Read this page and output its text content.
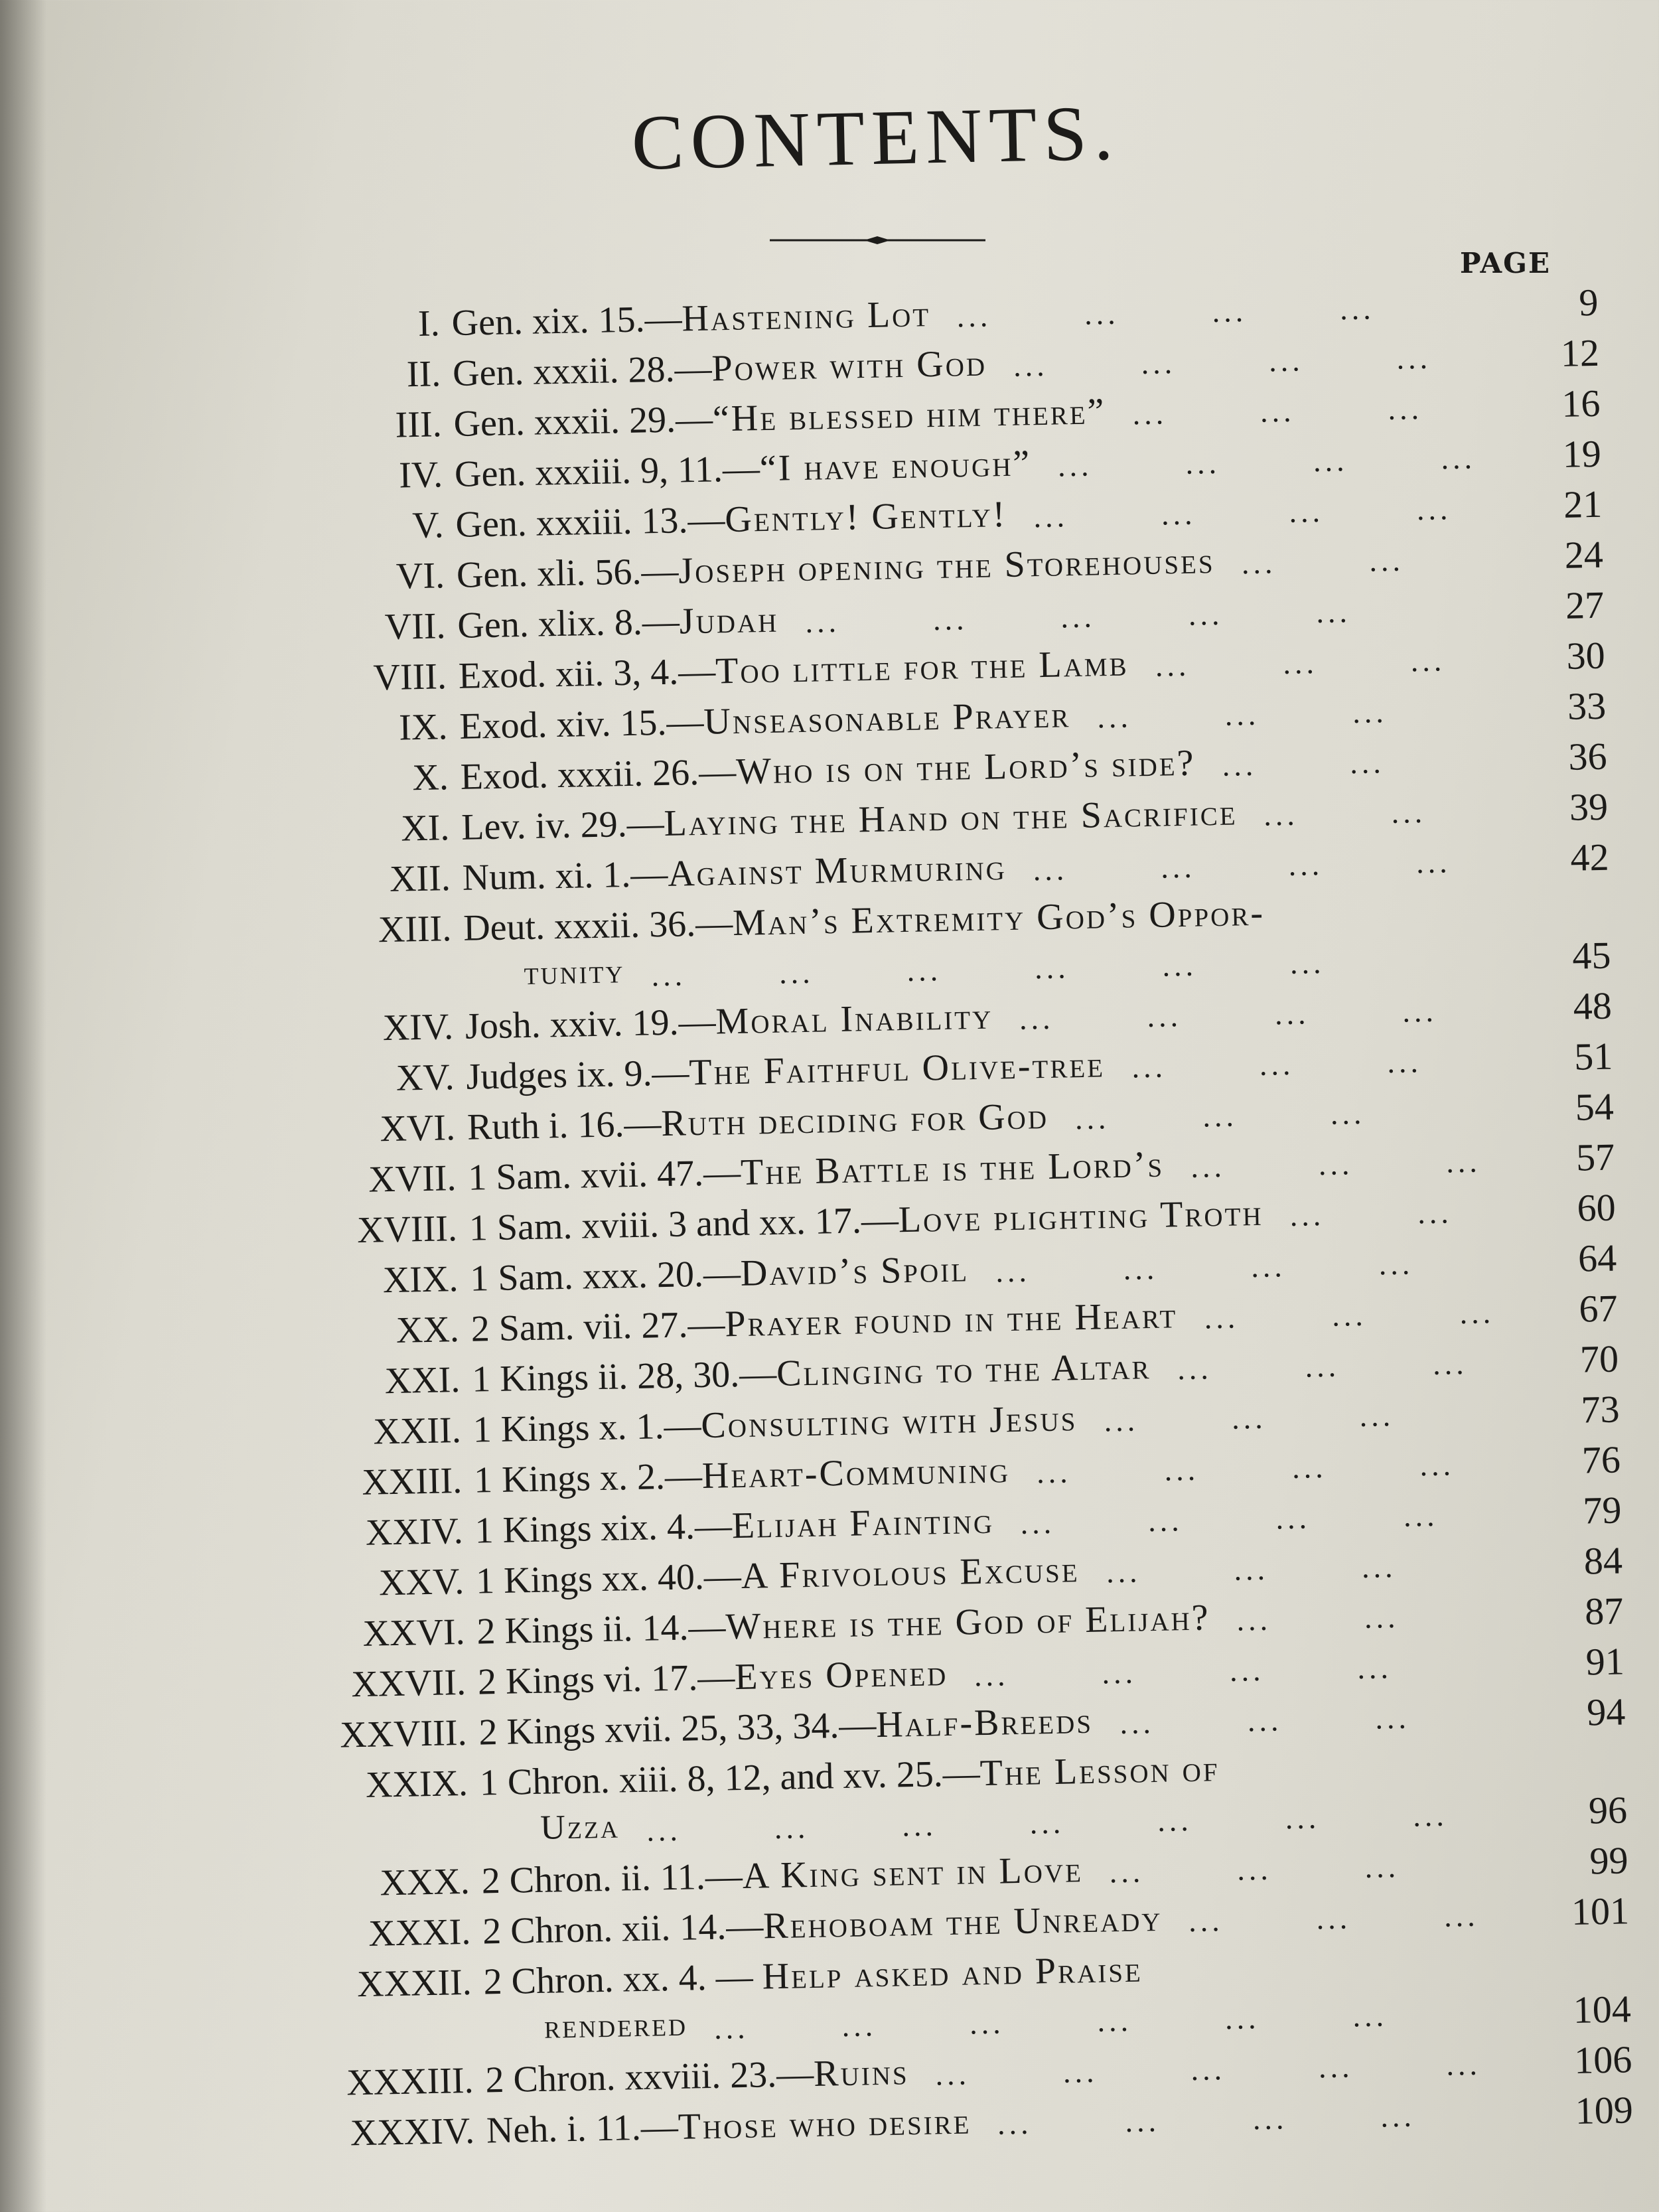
CONTENTS.
PAGE
I. Gen. xix. 15.—Hastening Lot ...        ...        ...        ...	9
II. Gen. xxxii. 28.—Power with God ...        ...        ...        ...	12
III. Gen. xxxii. 29.—“He blessed him there” ...        ...        ...	16
IV. Gen. xxxiii. 9, 11.—“I have enough” ...        ...        ...        ... 19
V. Gen. xxxiii. 13.—Gently! Gently! ...        ...        ...        ...	21
VI. Gen. xli. 56.—Joseph opening the Storehouses ...        ...	24
VII. Gen. xlix. 8.—Judah ...        ...        ...        ...        ...	27
VIII. Exod. xii. 3, 4.—Too little for the Lamb ...        ...        ...	30
IX. Exod. xiv. 15.—Unseasonable Prayer ...        ...        ...	33
X. Exod. xxxii. 26.—Who is on the Lord’s side? ...        ...	36
XI. Lev. iv. 29.—Laying the Hand on the Sacrifice ...        ...	39
XII. Num. xi. 1.—Against Murmuring ...        ...        ...        ...	42
XIII. Deut. xxxii. 36.—Man’s Extremity God’s Oppor-
tunity ...        ...        ...        ...        ...        ...	45
XIV. Josh. xxiv. 19.—Moral Inability ...        ...        ...        ...	48
XV. Judges ix. 9.—The Faithful Olive-tree ...        ...        ...	51
XVI. Ruth i. 16.—Ruth deciding for God ...        ...        ...	54
XVII. 1 Sam. xvii. 47.—The Battle is the Lord’s ...        ...        ... 57
XVIII. 1 Sam. xviii. 3 and xx. 17.—Love plighting Troth ...        ...	60
XIX. 1 Sam. xxx. 20.—David’s Spoil ...        ...        ...        ...	64
XX. 2 Sam. vii. 27.—Prayer found in the Heart ...        ...        ... 67
XXI. 1 Kings ii. 28, 30.—Clinging to the Altar ...        ...        ...	70
XXII. 1 Kings x. 1.—Consulting with Jesus ...        ...        ...	73
XXIII. 1 Kings x. 2.—Heart-Communing ...        ...        ...        ...	76
XXIV. 1 Kings xix. 4.—Elijah Fainting ...        ...        ...        ...	79
XXV. 1 Kings xx. 40.—A Frivolous Excuse ...        ...        ...	84
XXVI. 2 Kings ii. 14.—Where is the God of Elijah? ...        ...	87
XXVII. 2 Kings vi. 17.—Eyes Opened ...        ...        ...        ...	91
XXVIII. 2 Kings xvii. 25, 33, 34.—Half-Breeds ...        ...        ...	94
XXIX. 1 Chron. xiii. 8, 12, and xv. 25.—The Lesson of
Uzza ...        ...        ...        ...        ...        ...        ...	96
XXX. 2 Chron. ii. 11.—A King sent in Love ...        ...        ...	99
XXXI. 2 Chron. xii. 14.—Rehoboam the Unready ...        ...        ... 101
XXXII. 2 Chron. xx. 4. — Help asked and Praise
rendered ...        ...        ...        ...        ...        ...	104
XXXIII. 2 Chron. xxviii. 23.—Ruins ...        ...        ...        ...        ... 106
XXXIV. Neh. i. 11.—Those who desire ...        ...        ...        ...	109
